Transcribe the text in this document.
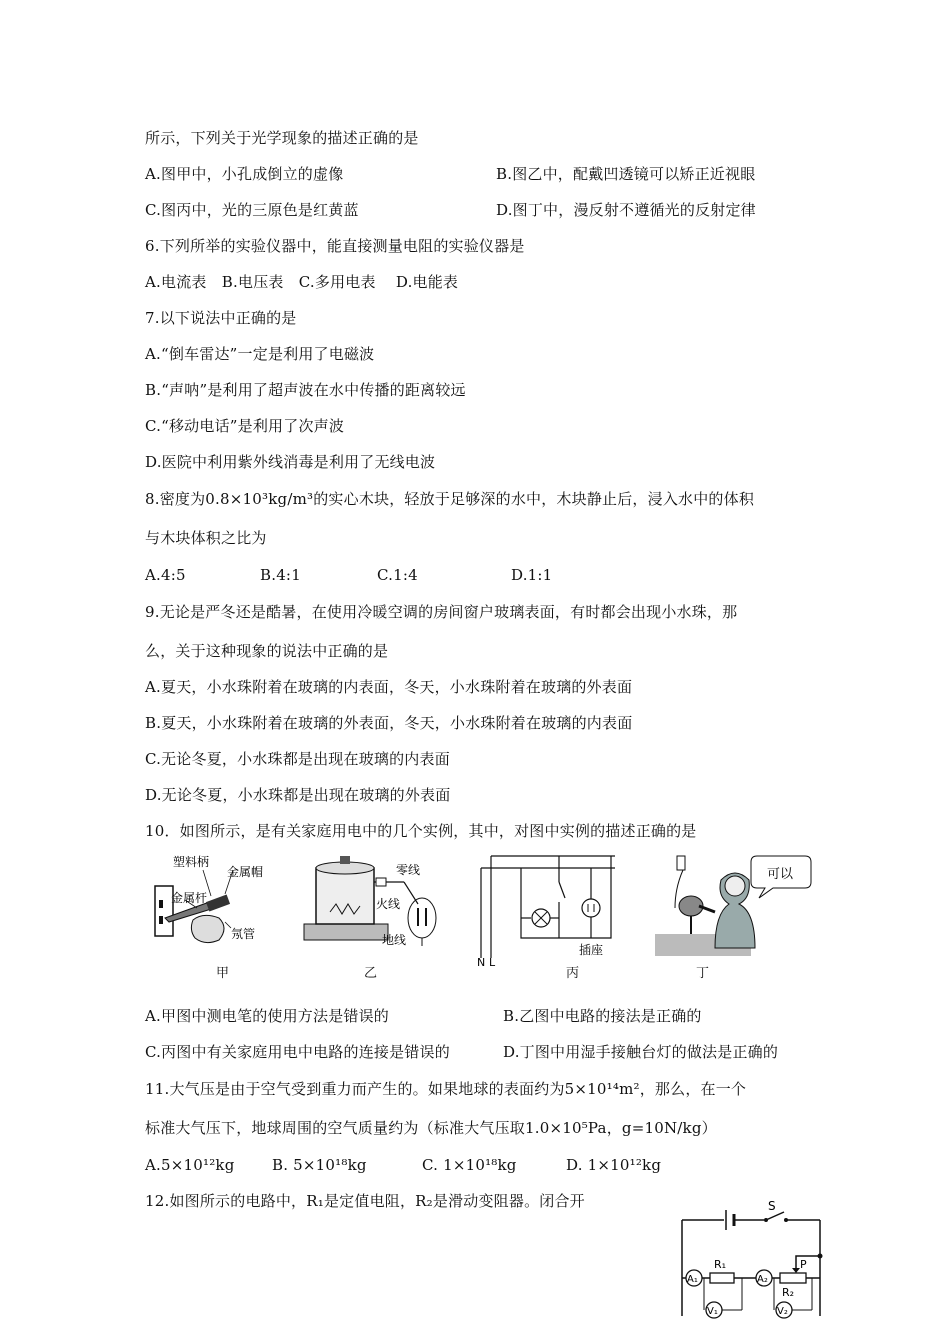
所示，下列关于光学现象的描述正确的是
A.图甲中，小孔成倒立的虚像	B.图乙中，配戴凹透镜可以矫正近视眼
C.图丙中，光的三原色是红黄蓝	D.图丁中，漫反射不遵循光的反射定律
6.下列所举的实验仪器中，能直接测量电阻的实验仪器是
A.电流表　B.电压表　C.多用电表　 D.电能表
7.以下说法中正确的是
A.“倒车雷达”一定是利用了电磁波
B.“声呐”是利用了超声波在水中传播的距离较远
C.“移动电话”是利用了次声波
D.医院中利用紫外线消毒是利用了无线电波
8.密度为0.8×10³kg/m³的实心木块，轻放于足够深的水中，木块静止后，浸入水中的体积
与木块体积之比为
A.4:5	B.4:1	C.1:4	D.1:1
9.无论是严冬还是酷暑，在使用冷暖空调的房间窗户玻璃表面，有时都会出现小水珠，那
么，关于这种现象的说法中正确的是
A.夏天，小水珠附着在玻璃的内表面，冬天，小水珠附着在玻璃的外表面
B.夏天，小水珠附着在玻璃的外表面，冬天，小水珠附着在玻璃的内表面
C.无论冬夏，小水珠都是出现在玻璃的内表面
D.无论冬夏，小水珠都是出现在玻璃的外表面
10．如图所示，是有关家庭用电中的几个实例，其中，对图中实例的描述正确的是
塑料柄
金属帽
金属杆
氖管
甲
零线
火线
地线
乙
插座
N L
丙
可以
丁
A.甲图中测电笔的使用方法是错误的	B.乙图中电路的接法是正确的
C.丙图中有关家庭用电中电路的连接是错误的	D.丁图中用湿手接触台灯的做法是正确的
11.大气压是由于空气受到重力而产生的。如果地球的表面约为5×10¹⁴m²，那么，在一个
标准大气压下，地球周围的空气质量约为（标准大气压取1.0×10⁵Pa，g=10N/kg）
A.5×10¹²kg B. 5×10¹⁸kg	C. 1×10¹⁸kg	D. 1×10¹²kg
12.如图所示的电路中，R₁是定值电阻，R₂是滑动变阻器。闭合开	S
A₁
R₁
A₂
R₂
P
V₁	V₂
